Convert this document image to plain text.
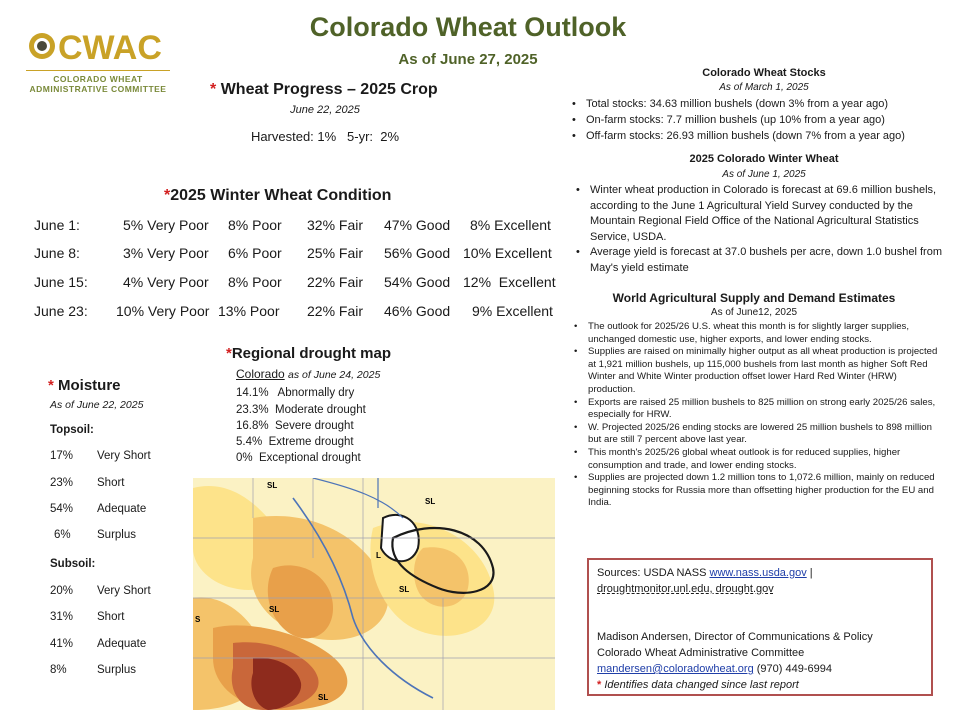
Colorado Wheat Outlook
As of June 27, 2025
CWAC
COLORADO WHEAT
ADMINISTRATIVE COMMITTEE	* Wheat Progress – 2025 Crop
June 22, 2025
Harvested: 1%   5-yr:  2%
*2025 Winter Wheat Condition
June 1:	5% Very Poor 8% Poor 32% Fair 47% Good 8% Excellent
June 8:	3% Very Poor 6% Poor 25% Fair 56% Good 10% Excellent
June 15:	4% Very Poor 8% Poor 22% Fair 54% Good 12%  Excellent
June 23: 10% Very Poor 13% Poor 22% Fair 46% Good 9% Excellent
* Moisture
As of June 22, 2025
Topsoil:
17% Very Short
23% Short
54% Adequate
6% Surplus
Subsoil:
20% Very Short
31% Short
41% Adequate
8%	Surplus
*Regional drought map
Colorado as of June 24, 2025
14.1%   Abnormally dry
23.3%  Moderate drought
16.8%  Severe drought
5.4%  Extreme drought
0%  Exceptional drought
SL
SL
SL
L
SL
SL
S
Colorado Wheat Stocks
As of March 1, 2025
• Total stocks: 34.63 million bushels (down 3% from a year ago)
• On-farm stocks: 7.7 million bushels (up 10% from a year ago)
• Off-farm stocks: 26.93 million bushels (down 7% from a year ago)
2025 Colorado Winter Wheat
As of June 1, 2025
• Winter wheat production in Colorado is forecast at 69.6 million bushels, according to the June 1 Agricultural Yield Survey conducted by the Mountain Regional Field Office of the National Agricultural Statistics Service, USDA.
• Average yield is forecast at 37.0 bushels per acre, down 1.0 bushel from May's yield estimate
World Agricultural Supply and Demand Estimates
As of June12, 2025
• The outlook for 2025/26 U.S. wheat this month is for slightly larger supplies, unchanged domestic use, higher exports, and lower ending stocks.
• Supplies are raised on minimally higher output as all wheat production is projected at 1,921 million bushels, up 115,000 bushels from last month as higher Soft Red Winter and White Winter production offset lower Hard Red Winter (HRW) production.
• Exports are raised 25 million bushels to 825 million on strong early 2025/26 sales, especially for HRW.
• W. Projected 2025/26 ending stocks are lowered 25 million bushels to 898 million but are still 7 percent above last year.
• This month's 2025/26 global wheat outlook is for reduced supplies, higher consumption and trade, and lower ending stocks.
• Supplies are projected down 1.2 million tons to 1,072.6 million, mainly on reduced beginning stocks for Russia more than offsetting higher production for the EU and India.
Sources: USDA NASS www.nass.usda.gov |
droughtmonitor.unl.edu, drought.gov
Madison Andersen, Director of Communications & Policy
Colorado Wheat Administrative Committee
mandersen@coloradowheat.org (970) 449-6994
* Identifies data changed since last report
